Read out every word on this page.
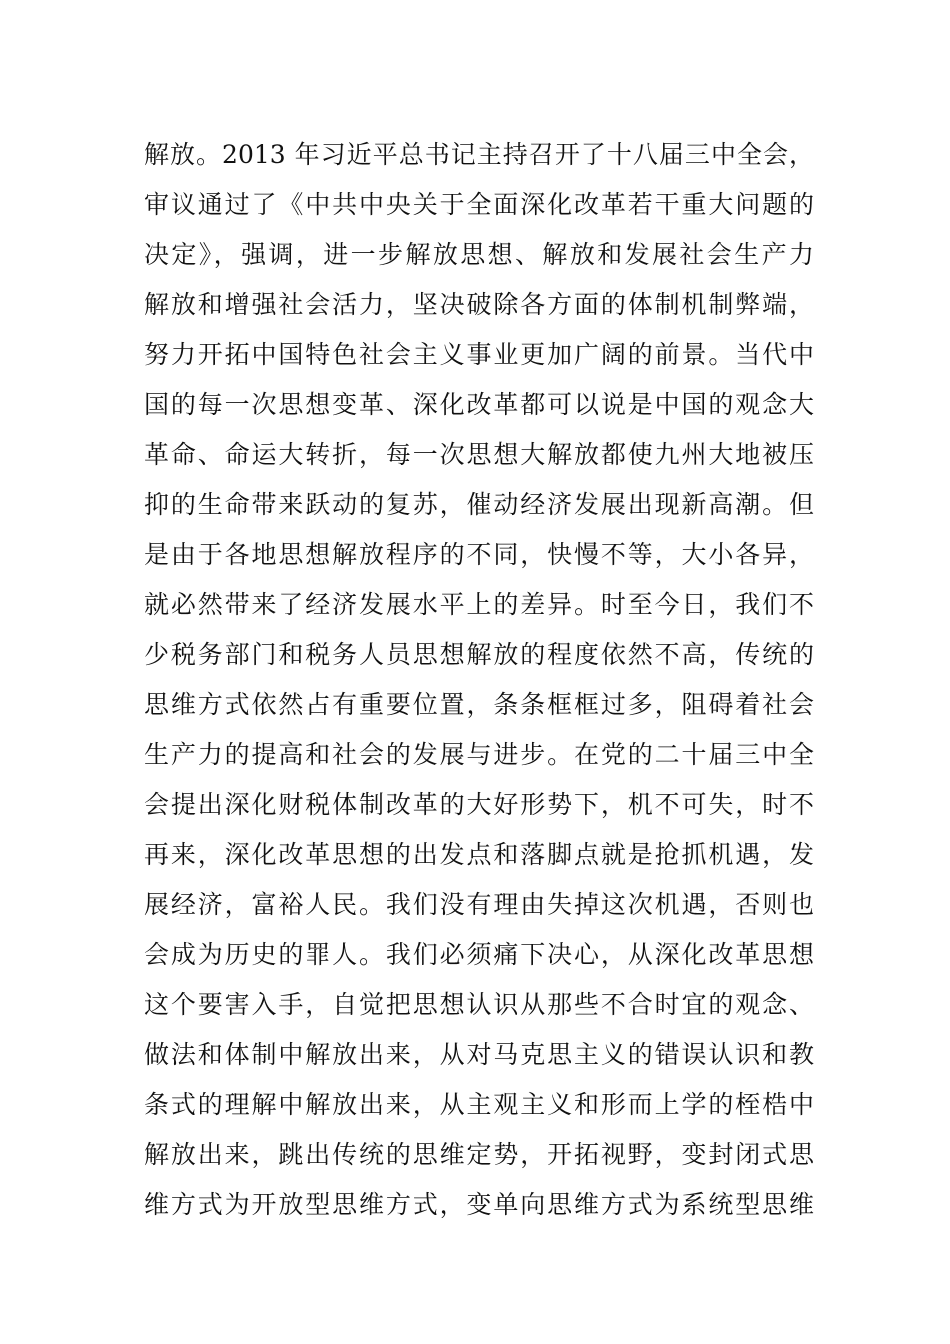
解放。2013 年习近平总书记主持召开了十八届三中全会，
审议通过了《中共中央关于全面深化改革若干重大问题的
决定》，强调，进一步解放思想、解放和发展社会生产力
解放和增强社会活力，坚决破除各方面的体制机制弊端，
努力开拓中国特色社会主义事业更加广阔的前景。当代中
国的每一次思想变革、深化改革都可以说是中国的观念大
革命、命运大转折，每一次思想大解放都使九州大地被压
抑的生命带来跃动的复苏，催动经济发展出现新高潮。但
是由于各地思想解放程序的不同，快慢不等，大小各异，
就必然带来了经济发展水平上的差异。时至今日，我们不
少税务部门和税务人员思想解放的程度依然不高，传统的
思维方式依然占有重要位置，条条框框过多，阻碍着社会
生产力的提高和社会的发展与进步。在党的二十届三中全
会提出深化财税体制改革的大好形势下，机不可失，时不
再来，深化改革思想的出发点和落脚点就是抢抓机遇，发
展经济，富裕人民。我们没有理由失掉这次机遇，否则也
会成为历史的罪人。我们必须痛下决心，从深化改革思想
这个要害入手，自觉把思想认识从那些不合时宜的观念、
做法和体制中解放出来，从对马克思主义的错误认识和教
条式的理解中解放出来，从主观主义和形而上学的桎梏中
解放出来，跳出传统的思维定势，开拓视野，变封闭式思
维方式为开放型思维方式，变单向思维方式为系统型思维
